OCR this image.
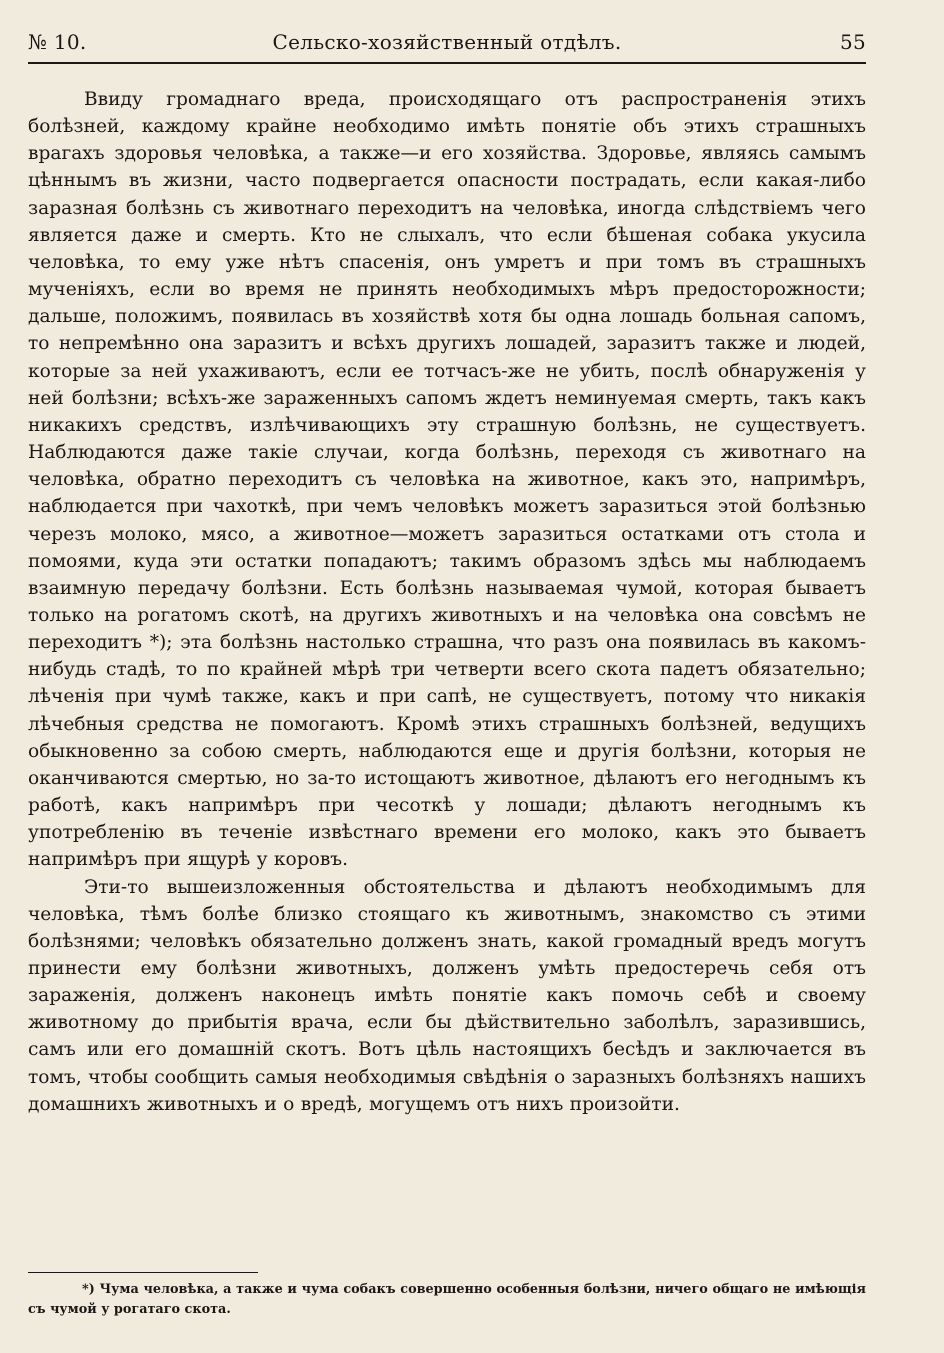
№ 10.	Сельско-хозяйственный отдѣлъ.	55

Ввиду громаднаго вреда, происходящаго отъ распространенія этихъ болѣзней, каждому крайне необходимо имѣть понятіе объ этихъ страшныхъ врагахъ здоровья человѣка, а также—и его хозяйства. Здоровье, являясь самымъ цѣннымъ въ жизни, часто подвергается опасности пострадать, если какая-либо заразная болѣзнь съ животнаго переходитъ на человѣка, иногда слѣдствіемъ чего является даже и смерть. Кто не слыхалъ, что если бѣшеная собака укусила человѣка, то ему уже нѣтъ спасенія, онъ умретъ и при томъ въ страшныхъ мученіяхъ, если во время не принять необходимыхъ мѣръ предосторожности; дальше, положимъ, появилась въ хозяйствѣ хотя бы одна лошадь больная сапомъ, то непремѣнно она заразитъ и всѣхъ другихъ лошадей, заразитъ также и людей, которые за ней ухаживаютъ, если ее тотчасъ-же не убить, послѣ обнаруженія у ней болѣзни; всѣхъ-же зараженныхъ сапомъ ждетъ неминуемая смерть, такъ какъ никакихъ средствъ, излѣчивающихъ эту страшную болѣзнь, не существуетъ. Наблюдаются даже такіе случаи, когда болѣзнь, переходя съ животнаго на человѣка, обратно переходитъ съ человѣка на животное, какъ это, напримѣръ, наблюдается при чахоткѣ, при чемъ человѣкъ можетъ заразиться этой болѣзнью черезъ молоко, мясо, а животное—можетъ заразиться остатками отъ стола и помоями, куда эти остатки попадаютъ; такимъ образомъ здѣсь мы наблюдаемъ взаимную передачу болѣзни. Есть болѣзнь называемая чумой, которая бываетъ только на рогатомъ скотѣ, на другихъ животныхъ и на человѣка она совсѣмъ не переходитъ *); эта болѣзнь настолько страшна, что разъ она появилась въ какомъ-нибудь стадѣ, то по крайней мѣрѣ три четверти всего скота падетъ обязательно; лѣченія при чумѣ также, какъ и при сапѣ, не существуетъ, потому что никакія лѣчебныя средства не помогаютъ. Кромѣ этихъ страшныхъ болѣзней, ведущихъ обыкновенно за собою смерть, наблюдаются еще и другія болѣзни, которыя не оканчиваются смертью, но за-то истощаютъ животное, дѣлаютъ его негоднымъ къ работѣ, какъ напримѣръ при чесоткѣ у лошади; дѣлаютъ негоднымъ къ употребленію въ теченіе извѣстнаго времени его молоко, какъ это бываетъ напримѣръ при ящурѣ у коровъ.

Эти-то вышеизложенныя обстоятельства и дѣлаютъ необходимымъ для человѣка, тѣмъ болѣе близко стоящаго къ животнымъ, знакомство съ этими болѣзнями; человѣкъ обязательно долженъ знать, какой громадный вредъ могутъ принести ему болѣзни животныхъ, долженъ умѣть предостеречь себя отъ зараженія, долженъ наконецъ имѣть понятіе какъ помочь себѣ и своему животному до прибытія врача, если бы дѣйствительно заболѣлъ, заразившись, самъ или его домашній скотъ. Вотъ цѣль настоящихъ бесѣдъ и заключается въ томъ, чтобы сообщить самыя необходимыя свѣдѣнія о заразныхъ болѣзняхъ нашихъ домашнихъ животныхъ и о вредѣ, могущемъ отъ нихъ произойти.

*) Чума человѣка, а также и чума собакъ совершенно особенныя болѣзни, ничего общаго не имѣющія съ чумой у рогатаго скота.
